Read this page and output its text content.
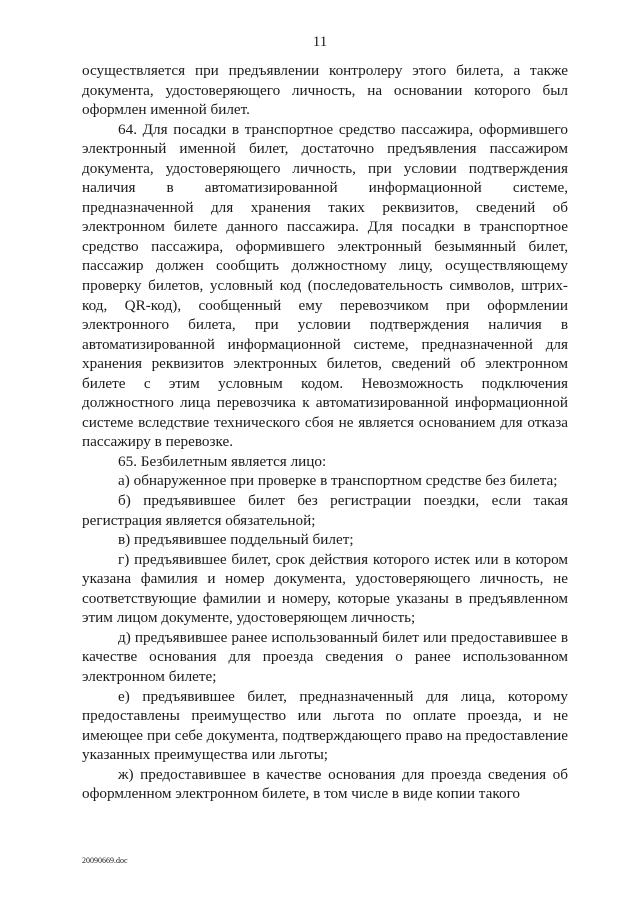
11

осуществляется при предъявлении контролеру этого билета, а также документа, удостоверяющего личность, на основании которого был оформлен именной билет.

64. Для посадки в транспортное средство пассажира, оформившего электронный именной билет, достаточно предъявления пассажиром документа, удостоверяющего личность, при условии подтверждения наличия в автоматизированной информационной системе, предназначенной для хранения таких реквизитов, сведений об электронном билете данного пассажира. Для посадки в транспортное средство пассажира, оформившего электронный безымянный билет, пассажир должен сообщить должностному лицу, осуществляющему проверку билетов, условный код (последовательность символов, штрих-код, QR-код), сообщенный ему перевозчиком при оформлении электронного билета, при условии подтверждения наличия в автоматизированной информационной системе, предназначенной для хранения реквизитов электронных билетов, сведений об электронном билете с этим условным кодом. Невозможность подключения должностного лица перевозчика к автоматизированной информационной системе вследствие технического сбоя не является основанием для отказа пассажиру в перевозке.

65. Безбилетным является лицо:

а) обнаруженное при проверке в транспортном средстве без билета;

б) предъявившее билет без регистрации поездки, если такая регистрация является обязательной;

в) предъявившее поддельный билет;

г) предъявившее билет, срок действия которого истек или в котором указана фамилия и номер документа, удостоверяющего личность, не соответствующие фамилии и номеру, которые указаны в предъявленном этим лицом документе, удостоверяющем личность;

д) предъявившее ранее использованный билет или предоставившее в качестве основания для проезда сведения о ранее использованном электронном билете;

е) предъявившее билет, предназначенный для лица, которому предоставлены преимущество или льгота по оплате проезда, и не имеющее при себе документа, подтверждающего право на предоставление указанных преимущества или льготы;

ж) предоставившее в качестве основания для проезда сведения об оформленном электронном билете, в том числе в виде копии такого

20090669.doc
